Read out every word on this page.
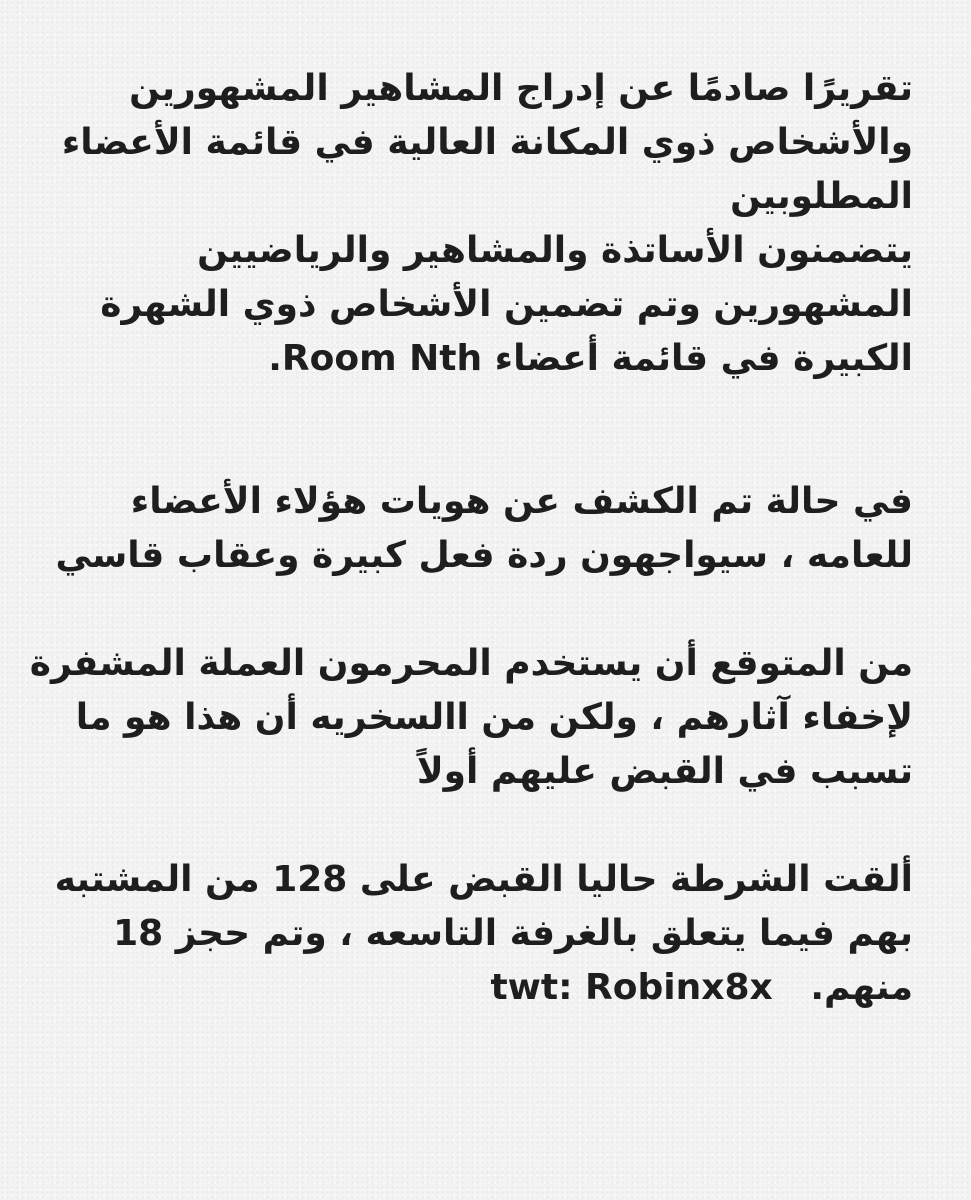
تقريرًا صادمًا عن إدراج المشاهير المشهورين
والأشخاص ذوي المكانة العالية في قائمة الأعضاء
المطلوبين
يتضمنون الأساتذة والمشاهير والرياضيين
المشهورين وتم تضمين الأشخاص ذوي الشهرة
الكبيرة في قائمة أعضاء Room Nth.
في حالة تم الكشف عن هويات هؤلاء الأعضاء
للعامه ، سيواجهون ردة فعل كبيرة وعقاب قاسي
من المتوقع أن يستخدم المحرمون العملة المشفرة
لإخفاء آثارهم ، ولكن من االسخريه أن هذا هو ما
تسبب في القبض عليهم أولاً
ألقت الشرطة حاليا القبض على 128 من المشتبه
بهم فيما يتعلق بالغرفة التاسعه ، وتم حجز 18
منهم.   twt: Robinx8x
